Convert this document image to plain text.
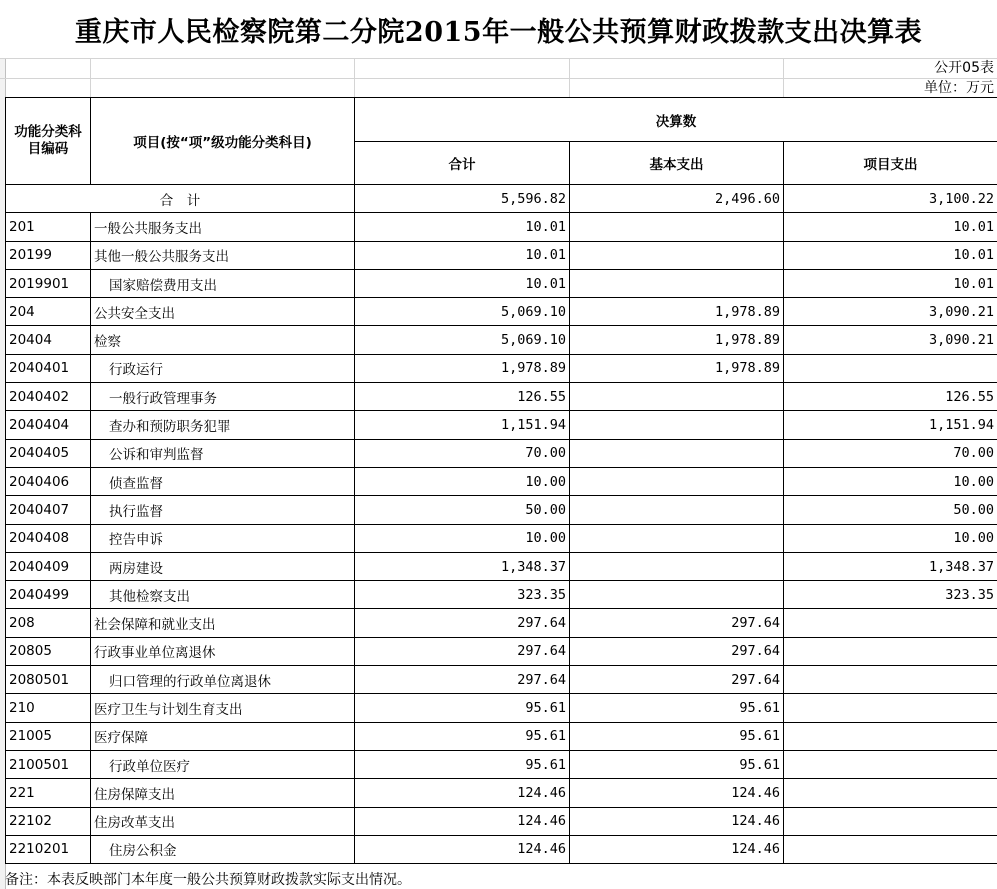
重庆市人民检察院第二分院2015年一般公共预算财政拨款支出决算表
公开05表
单位：万元
功能分类科目编码	项目(按“项”级功能分类科目)	决算数		
		合计	基本支出	项目支出
合　计		5,596.82	2,496.60	3,100.22
201	一般公共服务支出	10.01		10.01
20199	其他一般公共服务支出	10.01		10.01
2019901	国家赔偿费用支出	10.01		10.01
204	公共安全支出	5,069.10	1,978.89	3,090.21
20404	检察	5,069.10	1,978.89	3,090.21
2040401	行政运行	1,978.89	1,978.89	
2040402	一般行政管理事务	126.55		126.55
2040404	查办和预防职务犯罪	1,151.94		1,151.94
2040405	公诉和审判监督	70.00		70.00
2040406	侦查监督	10.00		10.00
2040407	执行监督	50.00		50.00
2040408	控告申诉	10.00		10.00
2040409	两房建设	1,348.37		1,348.37
2040499	其他检察支出	323.35		323.35
208	社会保障和就业支出	297.64	297.64	
20805	行政事业单位离退休	297.64	297.64	
2080501	归口管理的行政单位离退休	297.64	297.64	
210	医疗卫生与计划生育支出	95.61	95.61	
21005	医疗保障	95.61	95.61	
2100501	行政单位医疗	95.61	95.61	
221	住房保障支出	124.46	124.46	
22102	住房改革支出	124.46	124.46	
2210201	住房公积金	124.46	124.46	
备注：本表反映部门本年度一般公共预算财政拨款实际支出情况。
